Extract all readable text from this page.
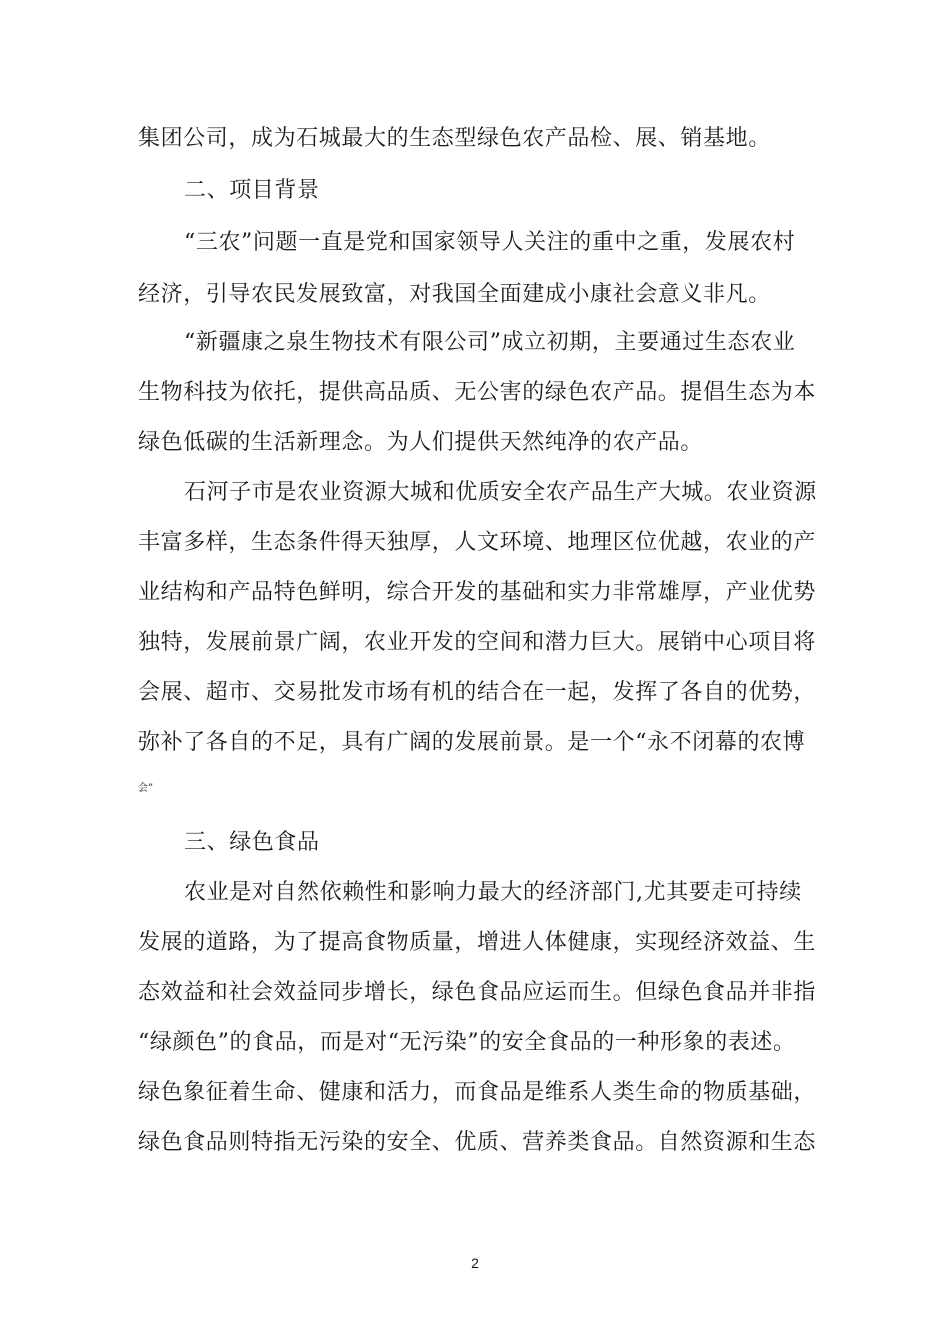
集团公司，成为石城最大的生态型绿色农产品检、展、销基地。
二、项目背景
“三农”问题一直是党和国家领导人关注的重中之重，发展农村
经济，引导农民发展致富，对我国全面建成小康社会意义非凡。
“新疆康之泉生物技术有限公司”成立初期，主要通过生态农业
生物科技为依托，提供高品质、无公害的绿色农产品。提倡生态为本
绿色低碳的生活新理念。为人们提供天然纯净的农产品。
石河子市是农业资源大城和优质安全农产品生产大城。农业资源
丰富多样，生态条件得天独厚，人文环境、地理区位优越，农业的产
业结构和产品特色鲜明，综合开发的基础和实力非常雄厚，产业优势
独特，发展前景广阔，农业开发的空间和潜力巨大。展销中心项目将
会展、超市、交易批发市场有机的结合在一起，发挥了各自的优势，
弥补了各自的不足，具有广阔的发展前景。是一个“永不闭幕的农博
会”
三、绿色食品
农业是对自然依赖性和影响力最大的经济部门,尤其要走可持续
发展的道路，为了提高食物质量，增进人体健康，实现经济效益、生
态效益和社会效益同步增长，绿色食品应运而生。但绿色食品并非指
“绿颜色”的食品，而是对“无污染”的安全食品的一种形象的表述。
绿色象征着生命、健康和活力，而食品是维系人类生命的物质基础，
绿色食品则特指无污染的安全、优质、营养类食品。自然资源和生态
2
